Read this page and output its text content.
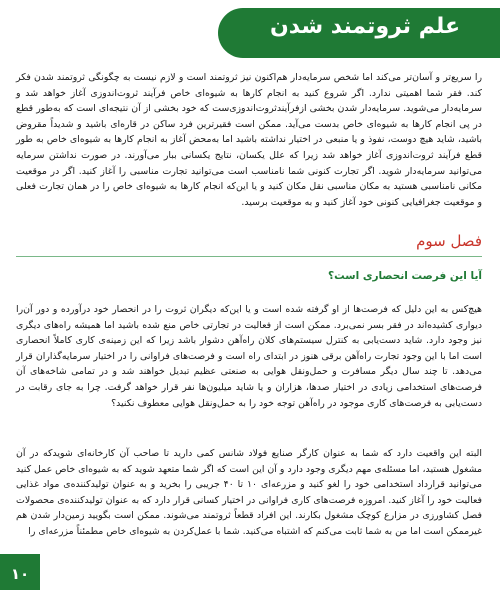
علم ثروتمند شدن

را سریع‌تر و آسان‌تر می‌کند اما شخص سرمایه‌دار هم‌اکنون نیز ثروتمند است و لازم نیست به چگونگی ثروتمند شدن فکر کند. فقر شما اهمیتی ندارد. اگر شروع کنید به انجام کارها به شیوه‌ای خاص فرآیند ثروت‌اندوزی آغاز خواهد شد و سرمایه‌دار می‌شوید. سرمایه‌دار شدن بخشی ازفرآیندثروت‌اندوزی‌ست که خود بخشی از آن نتیجه‌ای است که به‌طور قطع در پی انجام کارها به شیوه‌ای خاص بدست می‌آید. ممکن است فقیرترین فرد ساکن در قاره‌ای باشید و شدیداً مقروض باشید، شاید هیچ دوست، نفوذ و یا منبعی در اختیار نداشته باشید اما به‌محض آغاز به انجام کارها به شیوه‌ای خاص به طور قطع فرآیند ثروت‌اندوزی آغاز خواهد شد زیرا که علل یکسان، نتایج یکسانی ببار می‌آورند. در صورت نداشتن سرمایه می‌توانید سرمایه‌دار شوید. اگر تجارت کنونی شما نامناسب است می‌توانید تجارت مناسبی را آغاز کنید. اگر در موقعیت مکانی نامناسبی هستید به مکان مناسبی نقل مکان کنید و یا این‌که انجام کارها به شیوه‌ای خاص را در همان تجارت فعلی و موقعیت جغرافیایی کنونی خود آغاز کنید و به موقعیت برسید.

فصل سوم
آیا این فرصت انحصاری است؟

هیچ‌کس به این دلیل که فرصت‌ها از او گرفته شده است و یا این‌که دیگران ثروت را در انحصار خود درآورده و دور آن‌را دیواری کشیده‌اند در فقر بسر نمی‌برد. ممکن است از فعالیت در تجارتی خاص منع شده باشید اما همیشه راه‌های دیگری نیز وجود دارد. شاید دست‌یابی به کنترل سیستم‌های کلان راه‌آهن دشوار باشد زیرا که این زمینه‌ی کاری کاملاً انحصاری است اما با این وجود تجارت راه‌آهن برقی هنوز در ابتدای راه است و فرصت‌های فراوانی را در اختیار سرمایه‌گذاران قرار می‌دهد. تا چند سال دیگر مسافرت و حمل‌ونقل هوایی به صنعتی عظیم تبدیل خواهند شد و در تمامی شاخه‌های آن فرصت‌های استخدامی زیادی در اختیار صدها، هزاران و یا شاید میلیون‌ها نفر قرار خواهد گرفت. چرا به جای رقابت در دست‌یابی به فرصت‌های کاری موجود در راه‌آهن توجه خود را به حمل‌ونقل هوایی معطوف نکنید؟

البته این واقعیت دارد که شما به عنوان کارگر صنایع فولاد شانس کمی دارید تا صاحب آن کارخانه‌ای شویدکه در آن مشغول هستید، اما مسئله‌ی مهم دیگری وجود دارد و آن این است که اگر شما متعهد شوید که به شیوه‌ای خاص عمل کنید می‌توانید قرارداد استخدامی خود را لغو کنید و مزرعه‌ای ۱۰ تا ۴۰ جریبی را بخرید و به عنوان تولیدکننده‌ی مواد غذایی فعالیت خود را آغاز کنید. امروزه فرصت‌های کاری فراوانی در اختیار کسانی قرار دارد که به عنوان تولیدکننده‌ی محصولات فصل کشاورزی در مزارع کوچک مشغول بکارند. این افراد قطعاً ثروتمند می‌شوند. ممکن است بگویید زمین‌دار شدن هم غیرممکن است اما من به شما ثابت می‌کنم که اشتباه می‌کنید. شما با عمل‌کردن به شیوه‌ای خاص مطمئناً مزرعه‌ای را

۱۰
